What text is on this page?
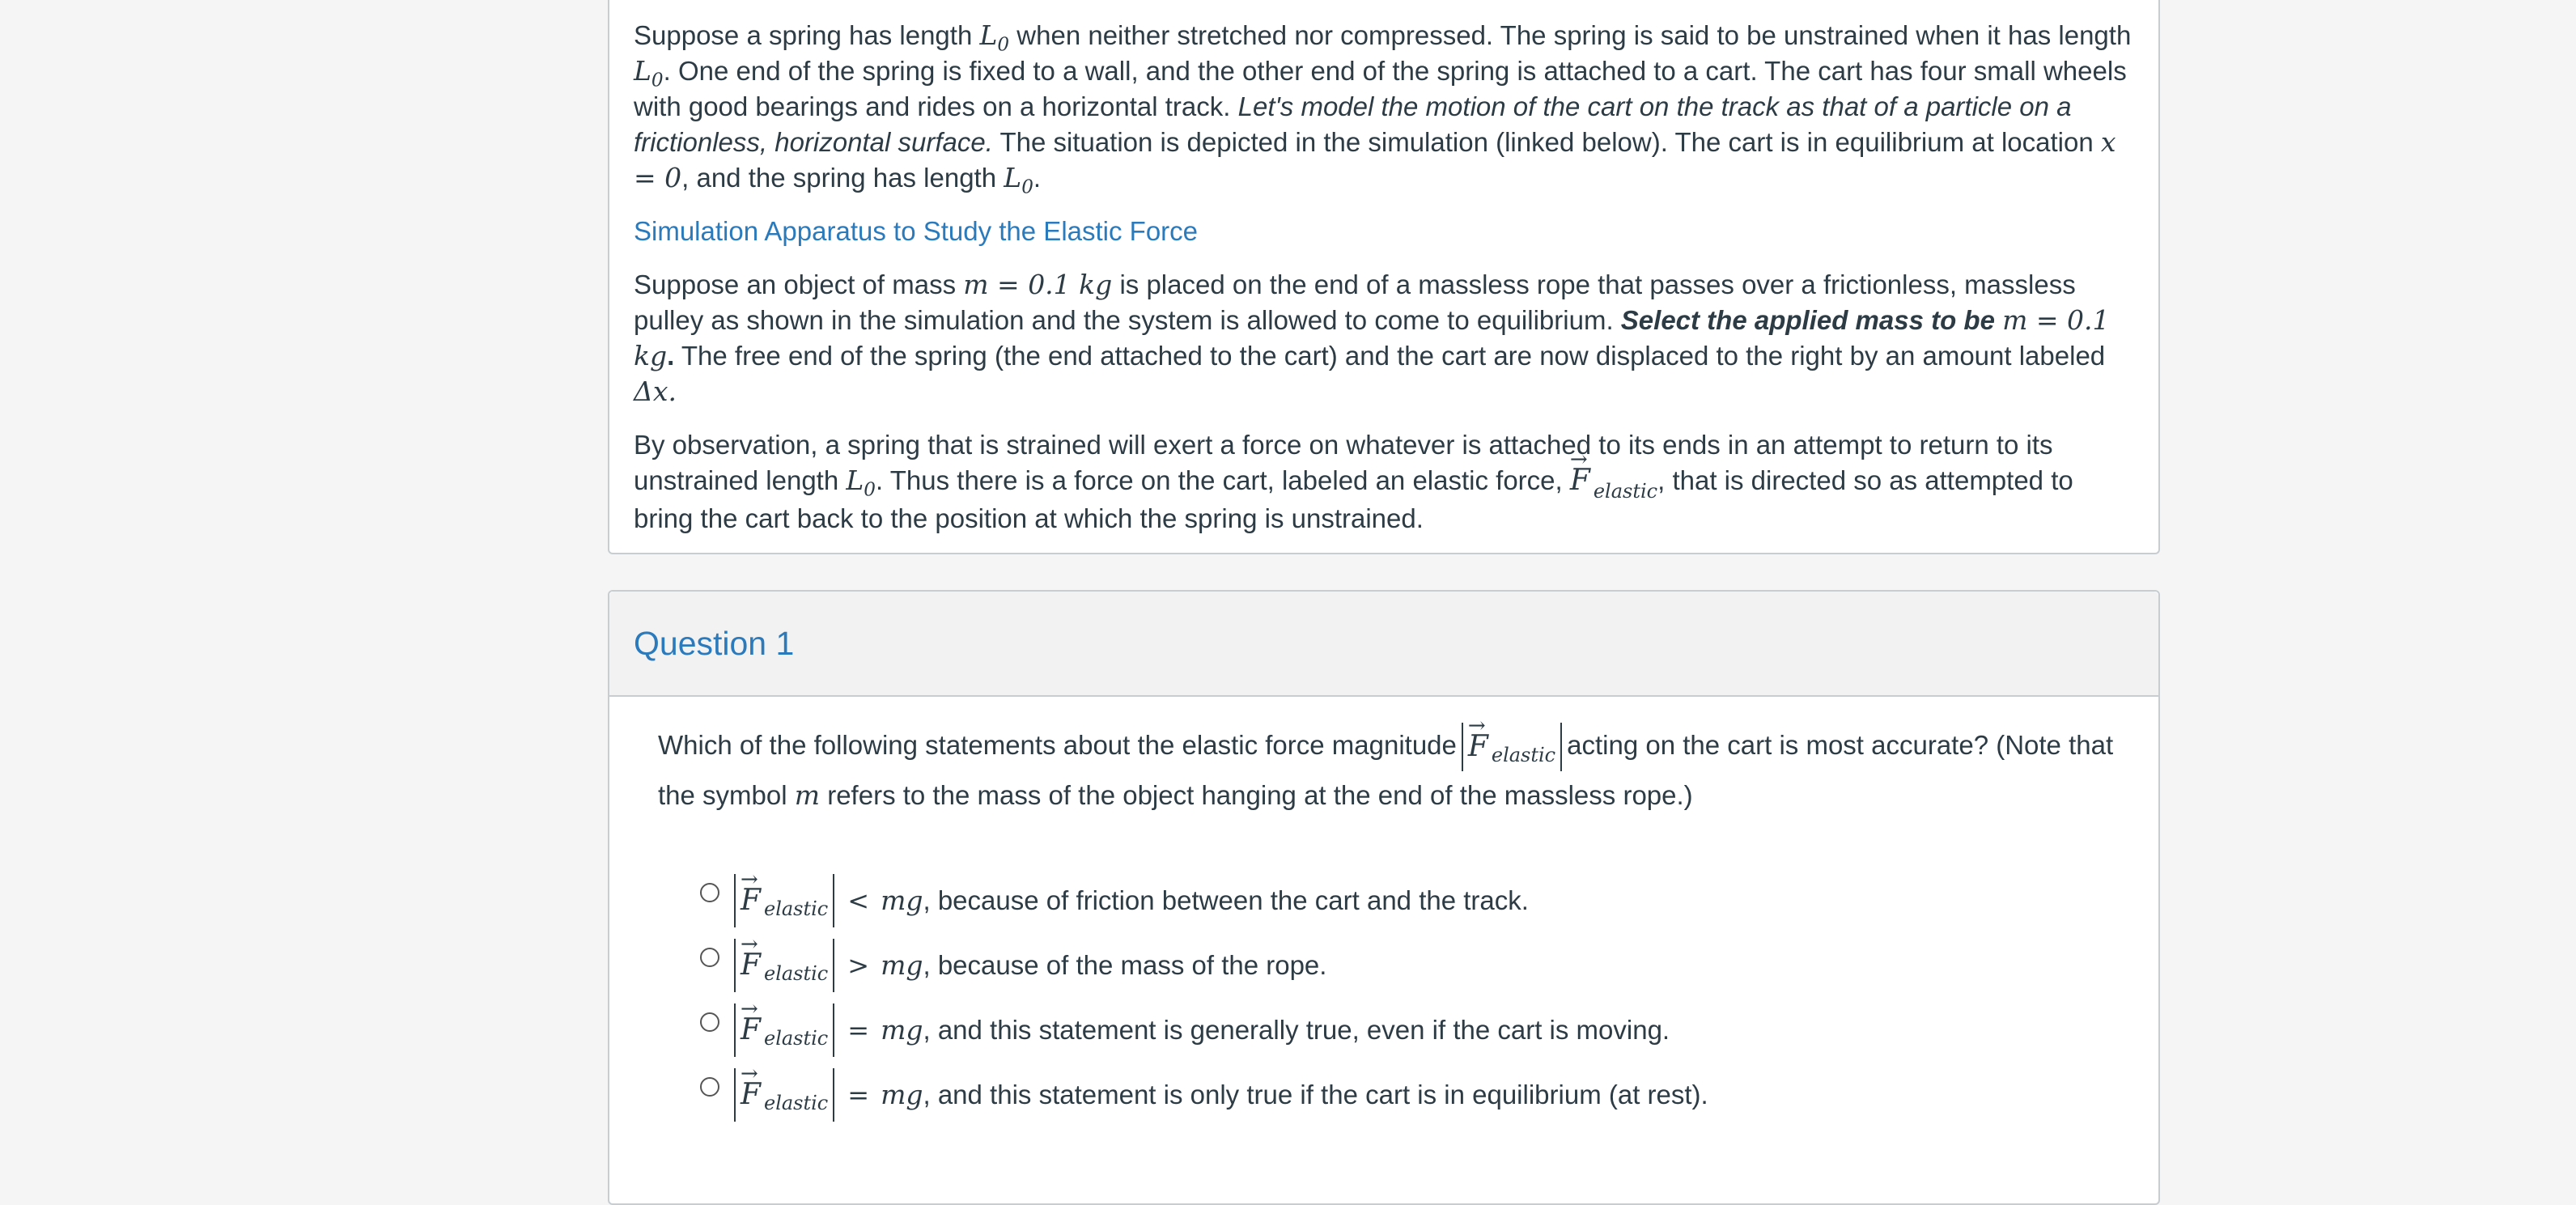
Suppose a spring has length $L_0$ when neither stretched nor compressed. The spring is said to be unstrained when it has length $L_0$. One end of the spring is fixed to a wall, and the other end of the spring is attached to a cart. The cart has four small wheels with good bearings and rides on a horizontal track. Let's model the motion of the cart on the track as that of a particle on a frictionless, horizontal surface. The situation is depicted in the simulation (linked below). The cart is in equilibrium at location x = 0, and the spring has length $L_0$.

Simulation Apparatus to Study the Elastic Force

Suppose an object of mass m = 0.1 kg is placed on the end of a massless rope that passes over a frictionless, massless pulley as shown in the simulation and the system is allowed to come to equilibrium. Select the applied mass to be m = 0.1 kg. The free end of the spring (the end attached to the cart) and the cart are now displaced to the right by an amount labeled Δx.

By observation, a spring that is strained will exert a force on whatever is attached to its ends in an attempt to return to its unstrained length $L_0$. Thus there is a force on the cart, labeled an elastic force, → F $_{elastic}$, that is directed so as attempted to bring the cart back to the position at which the spring is unstrained.

Question 1

Which of the following statements about the elastic force magnitude → F elastic acting on the cart is most accurate? (Note that the symbol m refers to the mass of the object hanging at the end of the massless rope.)

→ F elastic < mg , because of friction between the cart and the track.
→ F elastic > mg , because of the mass of the rope.
→ F elastic = mg , and this statement is generally true, even if the cart is moving.
→ F elastic = mg , and this statement is only true if the cart is in equilibrium (at rest).
